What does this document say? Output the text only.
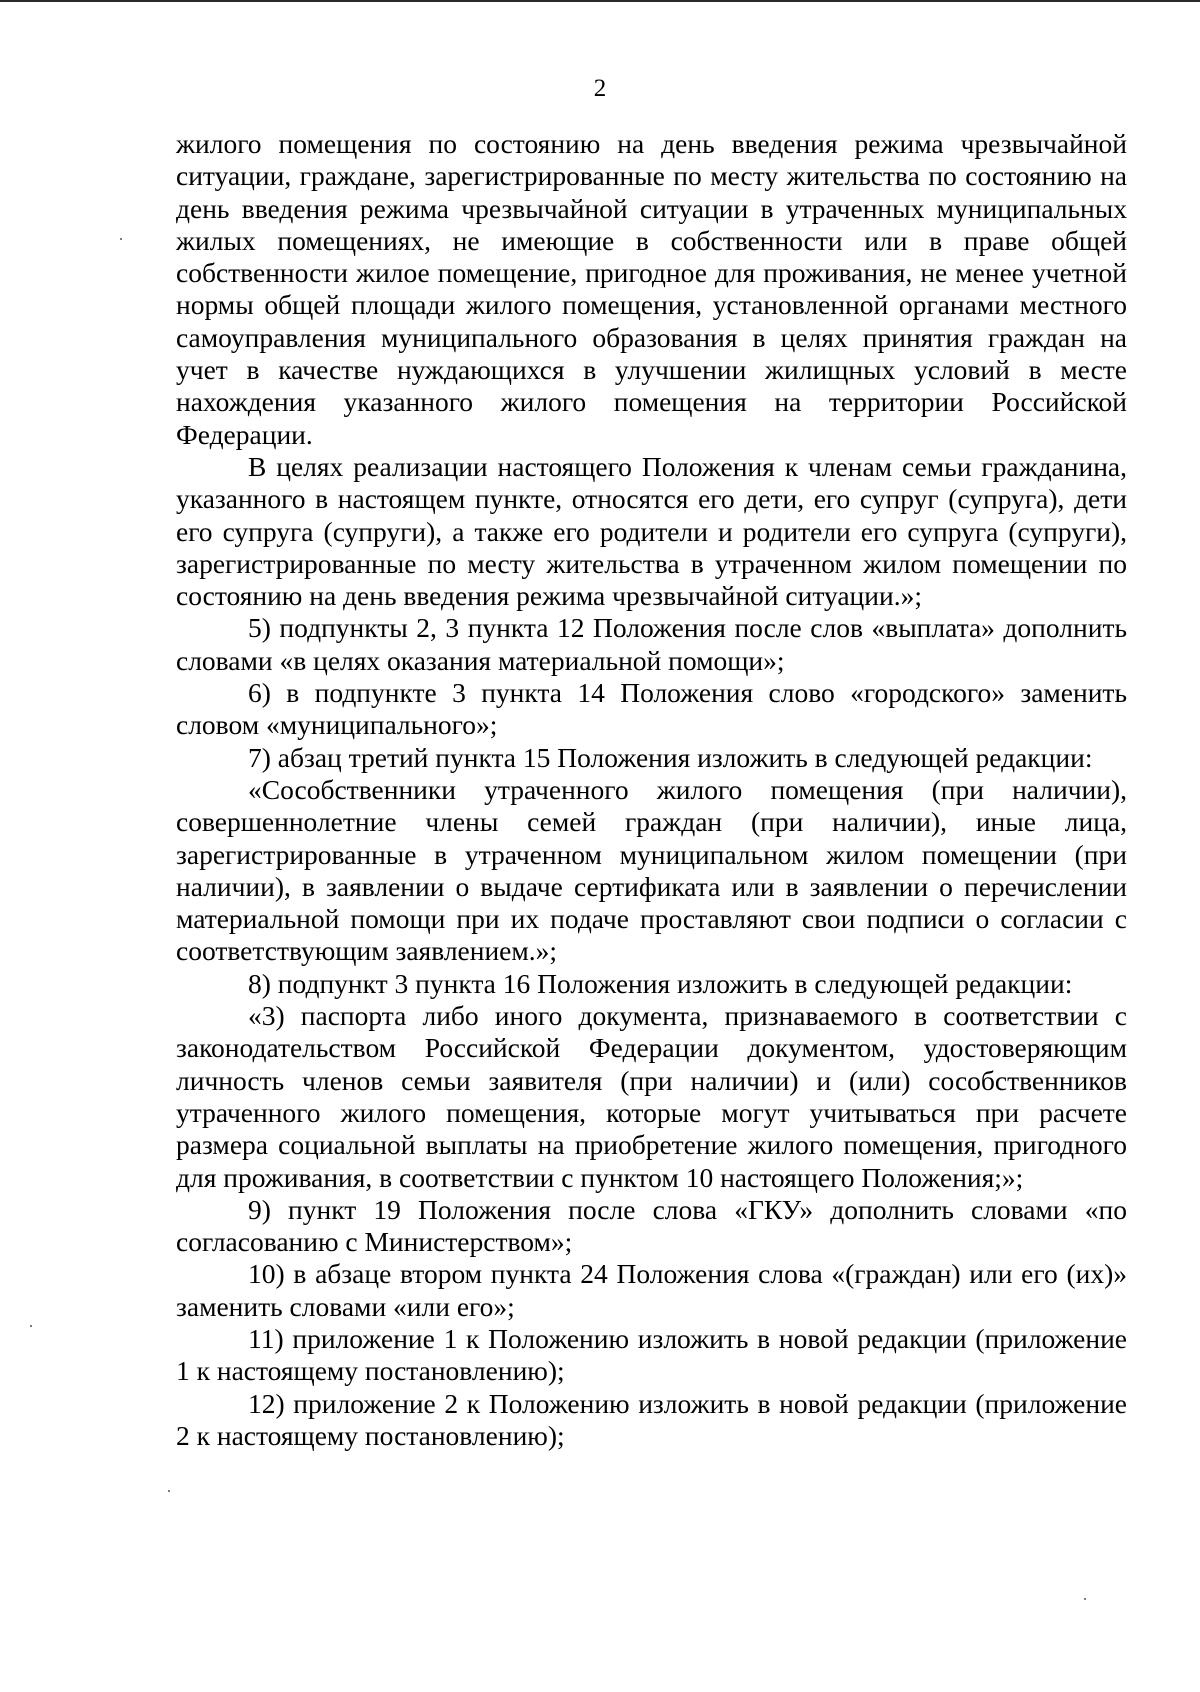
2

жилого помещения по состоянию на день введения режима чрезвычайной ситуации, граждане, зарегистрированные по месту жительства по состоянию на день введения режима чрезвычайной ситуации в утраченных муниципальных жилых помещениях, не имеющие в собственности или в праве общей собственности жилое помещение, пригодное для проживания, не менее учетной нормы общей площади жилого помещения, установленной органами местного самоуправления муниципального образования в целях принятия граждан на учет в качестве нуждающихся в улучшении жилищных условий в месте нахождения указанного жилого помещения на территории Российской Федерации.

В целях реализации настоящего Положения к членам семьи гражданина, указанного в настоящем пункте, относятся его дети, его супруг (супруга), дети его супруга (супруги), а также его родители и родители его супруга (супруги), зарегистрированные по месту жительства в утраченном жилом помещении по состоянию на день введения режима чрезвычайной ситуации.»;

5) подпункты 2, 3 пункта 12 Положения после слов «выплата» дополнить словами «в целях оказания материальной помощи»;

6) в подпункте 3 пункта 14 Положения слово «городского» заменить словом «муниципального»;

7) абзац третий пункта 15 Положения изложить в следующей редакции:

«Сособственники утраченного жилого помещения (при наличии), совершеннолетние члены семей граждан (при наличии), иные лица, зарегистрированные в утраченном муниципальном жилом помещении (при наличии), в заявлении о выдаче сертификата или в заявлении о перечислении материальной помощи при их подаче проставляют свои подписи о согласии с соответствующим заявлением.»;

8) подпункт 3 пункта 16 Положения изложить в следующей редакции:

«3) паспорта либо иного документа, признаваемого в соответствии с законодательством Российской Федерации документом, удостоверяющим личность членов семьи заявителя (при наличии) и (или) сособственников утраченного жилого помещения, которые могут учитываться при расчете размера социальной выплаты на приобретение жилого помещения, пригодного для проживания, в соответствии с пунктом 10 настоящего Положения;»;

9) пункт 19 Положения после слова «ГКУ» дополнить словами «по согласованию с Министерством»;

10) в абзаце втором пункта 24 Положения слова «(граждан) или его (их)» заменить словами «или его»;

11) приложение 1 к Положению изложить в новой редакции (приложение 1 к настоящему постановлению);

12) приложение 2 к Положению изложить в новой редакции (приложение 2 к настоящему постановлению);
